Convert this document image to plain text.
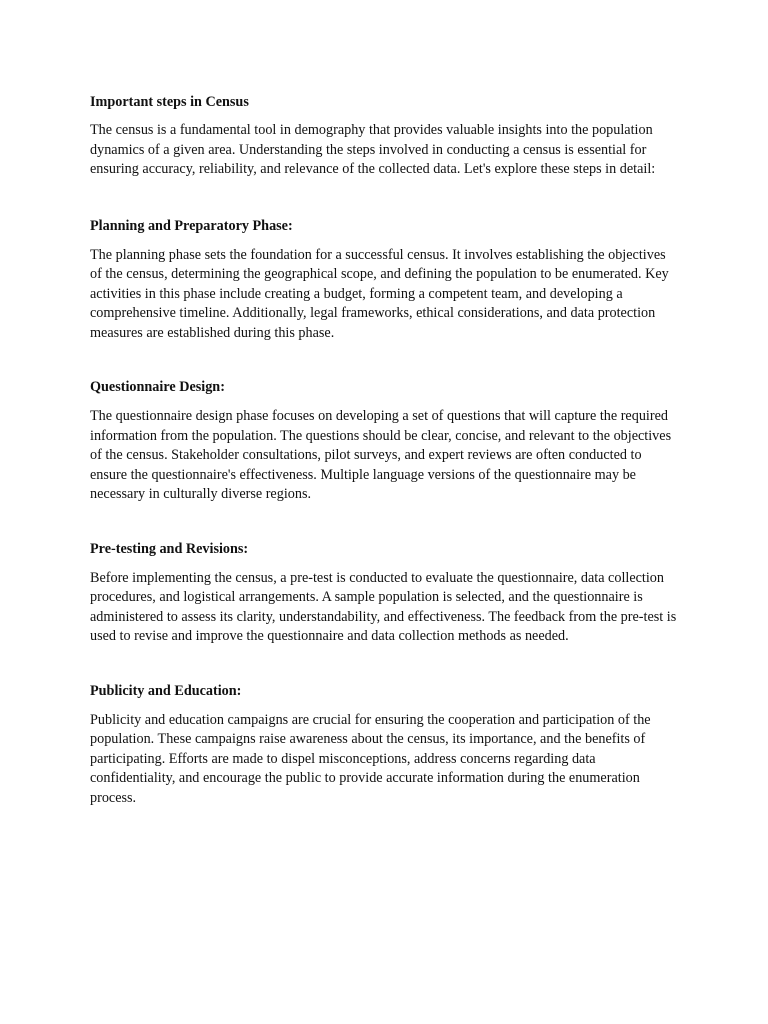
Important steps in Census

The census is a fundamental tool in demography that provides valuable insights into the population dynamics of a given area. Understanding the steps involved in conducting a census is essential for ensuring accuracy, reliability, and relevance of the collected data. Let's explore these steps in detail:

Planning and Preparatory Phase:

The planning phase sets the foundation for a successful census. It involves establishing the objectives of the census, determining the geographical scope, and defining the population to be enumerated. Key activities in this phase include creating a budget, forming a competent team, and developing a comprehensive timeline. Additionally, legal frameworks, ethical considerations, and data protection measures are established during this phase.

Questionnaire Design:

The questionnaire design phase focuses on developing a set of questions that will capture the required information from the population. The questions should be clear, concise, and relevant to the objectives of the census. Stakeholder consultations, pilot surveys, and expert reviews are often conducted to ensure the questionnaire's effectiveness. Multiple language versions of the questionnaire may be necessary in culturally diverse regions.

Pre-testing and Revisions:

Before implementing the census, a pre-test is conducted to evaluate the questionnaire, data collection procedures, and logistical arrangements. A sample population is selected, and the questionnaire is administered to assess its clarity, understandability, and effectiveness. The feedback from the pre-test is used to revise and improve the questionnaire and data collection methods as needed.

Publicity and Education:

Publicity and education campaigns are crucial for ensuring the cooperation and participation of the population. These campaigns raise awareness about the census, its importance, and the benefits of participating. Efforts are made to dispel misconceptions, address concerns regarding data confidentiality, and encourage the public to provide accurate information during the enumeration process.
